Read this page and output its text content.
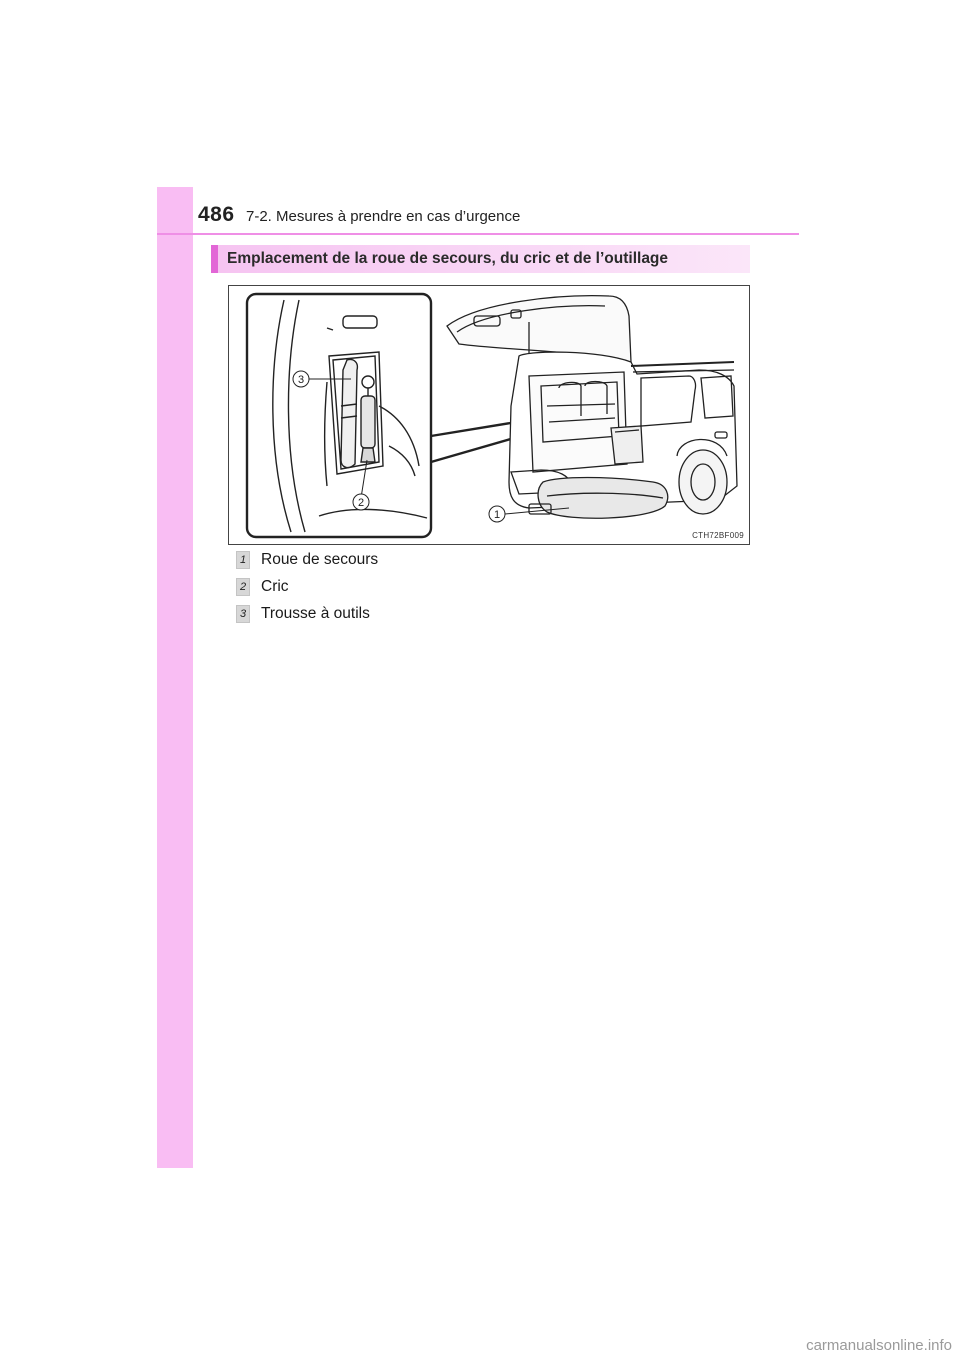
486 7-2. Mesures à prendre en cas d’urgence
Emplacement de la roue de secours, du cric et de l’outillage
3
2
1
CTH72BF009
1 Roue de secours
2 Cric
3 Trousse à outils
carmanualsonline.info
